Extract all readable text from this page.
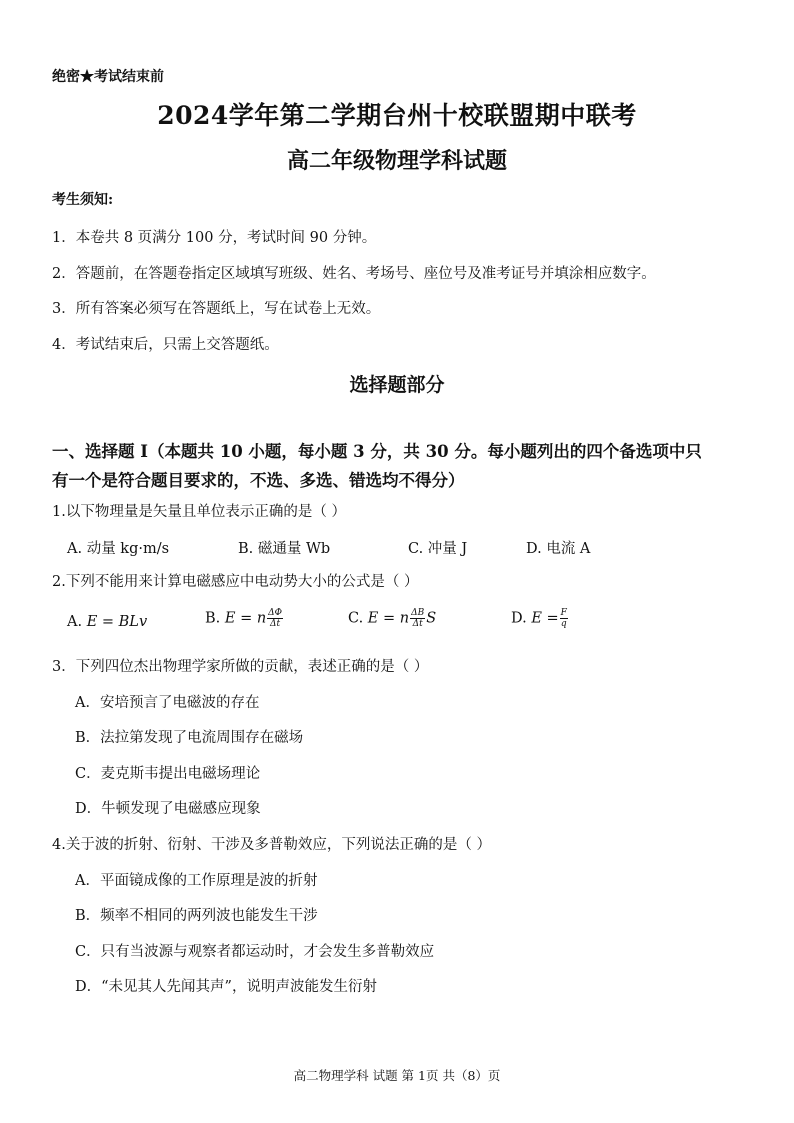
绝密★考试结束前
2024学年第二学期台州十校联盟期中联考
高二年级物理学科试题
考生须知:
1．本卷共 8 页满分 100 分，考试时间 90 分钟。
2．答题前，在答题卷指定区域填写班级、姓名、考场号、座位号及准考证号并填涂相应数字。
3．所有答案必须写在答题纸上，写在试卷上无效。
4．考试结束后，只需上交答题纸。
选择题部分
一、选择题 I（本题共 10 小题，每小题 3 分，共 30 分。每小题列出的四个备选项中只
有一个是符合题目要求的，不选、多选、错选均不得分）
1.以下物理量是矢量且单位表示正确的是（ ）
A. 动量 kg·m/s	B. 磁通量 Wb	C. 冲量 J	D. 电流 A
2.下列不 ·能用来计算电磁感应中电动势大小的公式是（ ）
A. E = BLv	B. E = n $\frac{\Delta\Phi}{\Delta t}$	C. E = n $\frac{\Delta B}{\Delta t}$ S	D. $E = \frac{F}{q}$
3．下列四位杰出物理学家所做的贡献，表述正确的是（ ）
A．安培预言了电磁波的存在
B．法拉第发现了电流周围存在磁场
C．麦克斯韦提出电磁场理论
D．牛顿发现了电磁感应现象
4.关于波的折射、衍射、干涉及多普勒效应，下列说法正确的是（ ）
A．平面镜成像的工作原理是波的折射
B．频率不相同的两列波也能发生干涉
C．只有当波源与观察者都运动时，才会发生多普勒效应
D．“未见其人先闻其声”，说明声波能发生衍射
高二物理学科 试题 第 1页 共（8）页
